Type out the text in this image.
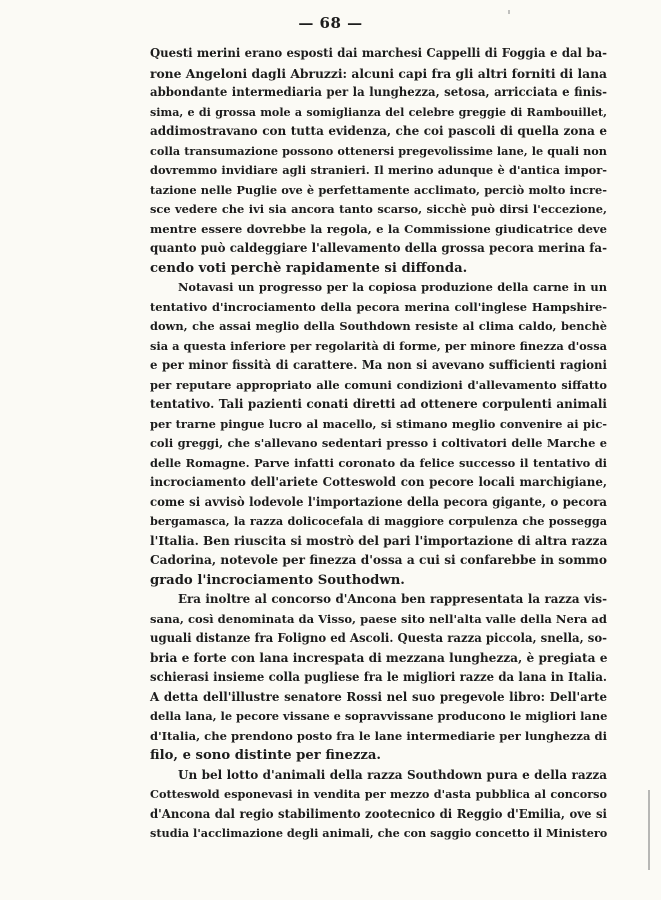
— 68 —
Questi merini erano esposti dai marchesi Cappelli di Foggia e dal ba-
rone Angeloni dagli Abruzzi: alcuni capi fra gli altri forniti di lana
abbondante intermediaria per la lunghezza, setosa, arricciata e finis-
sima, e di grossa mole a somiglianza del celebre greggie di Rambouillet,
addimostravano con tutta evidenza, che coi pascoli di quella zona e
colla transumazione possono ottenersi pregevolissime lane, le quali non
dovremmo invidiare agli stranieri. Il merino adunque è d'antica impor-
tazione nelle Puglie ove è perfettamente acclimato, perciò molto incre-
sce vedere che ivi sia ancora tanto scarso, sicchè può dirsi l'eccezione,
mentre essere dovrebbe la regola, e la Commissione giudicatrice deve
quanto può caldeggiare l'allevamento della grossa pecora merina fa-
cendo voti perchè rapidamente si diffonda.
Notavasi un progresso per la copiosa produzione della carne in un
tentativo d'incrociamento della pecora merina coll'inglese Hampshire-
down, che assai meglio della Southdown resiste al clima caldo, benchè
sia a questa inferiore per regolarità di forme, per minore finezza d'ossa
e per minor fissità di carattere. Ma non si avevano sufficienti ragioni
per reputare appropriato alle comuni condizioni d'allevamento siffatto
tentativo. Tali pazienti conati diretti ad ottenere corpulenti animali
per trarne pingue lucro al macello, si stimano meglio convenire ai pic-
coli greggi, che s'allevano sedentari presso i coltivatori delle Marche e
delle Romagne. Parve infatti coronato da felice successo il tentativo di
incrociamento dell'ariete Cotteswold con pecore locali marchigiane,
come si avvisò lodevole l'importazione della pecora gigante, o pecora
bergamasca, la razza dolicocefala di maggiore corpulenza che possegga
l'Italia. Ben riuscita si mostrò del pari l'importazione di altra razza
Cadorina, notevole per finezza d'ossa a cui si confarebbe in sommo
grado l'incrociamento Southodwn.
Era inoltre al concorso d'Ancona ben rappresentata la razza vis-
sana, così denominata da Visso, paese sito nell'alta valle della Nera ad
uguali distanze fra Foligno ed Ascoli. Questa razza piccola, snella, so-
bria e forte con lana increspata di mezzana lunghezza, è pregiata e
schierasi insieme colla pugliese fra le migliori razze da lana in Italia.
A detta dell'illustre senatore Rossi nel suo pregevole libro: Dell'arte
della lana, le pecore vissane e sopravvissane producono le migliori lane
d'Italia, che prendono posto fra le lane intermediarie per lunghezza di
filo, e sono distinte per finezza.
Un bel lotto d'animali della razza Southdown pura e della razza
Cotteswold esponevasi in vendita per mezzo d'asta pubblica al concorso
d'Ancona dal regio stabilimento zootecnico di Reggio d'Emilia, ove si
studia l'acclimazione degli animali, che con saggio concetto il Ministero
